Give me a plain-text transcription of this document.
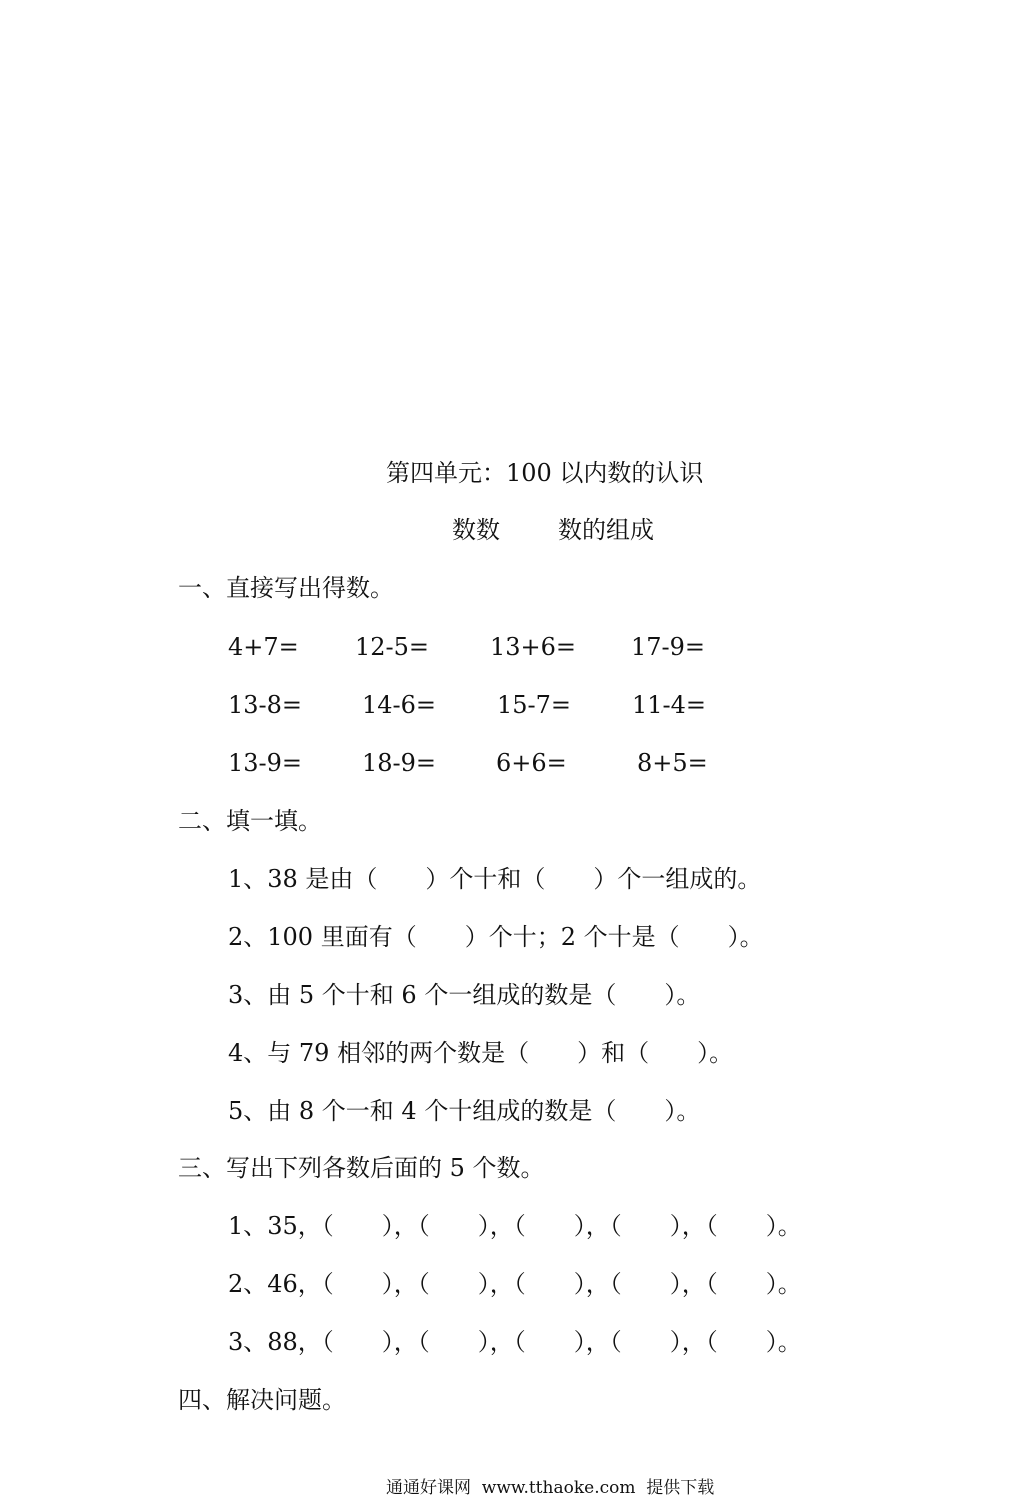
第四单元：100 以内数的认识
数数 数的组成
一、直接写出得数。
4+7= 12-5=	13+6= 17-9=
13-8= 14-6=	15-7=	11-4=
13-9= 18-9= 6+6=	8+5=
二、填一填。
1、38 是由（　　）个十和（　　）个一组成的。
2、100 里面有（　　）个十；2 个十是（　　）。
3、由 5 个十和 6 个一组成的数是（　　）。
4、与 79 相邻的两个数是（　　）和（　　）。
5、由 8 个一和 4 个十组成的数是（　　）。
三、写出下列各数后面的 5 个数。
1、35，（　　），（　　），（　　），（　　），（　　）。
2、46，（　　），（　　），（　　），（　　），（　　）。
3、88，（　　），（　　），（　　），（　　），（　　）。
四、解决问题。
通通好课网  www.tthaoke.com  提供下载
